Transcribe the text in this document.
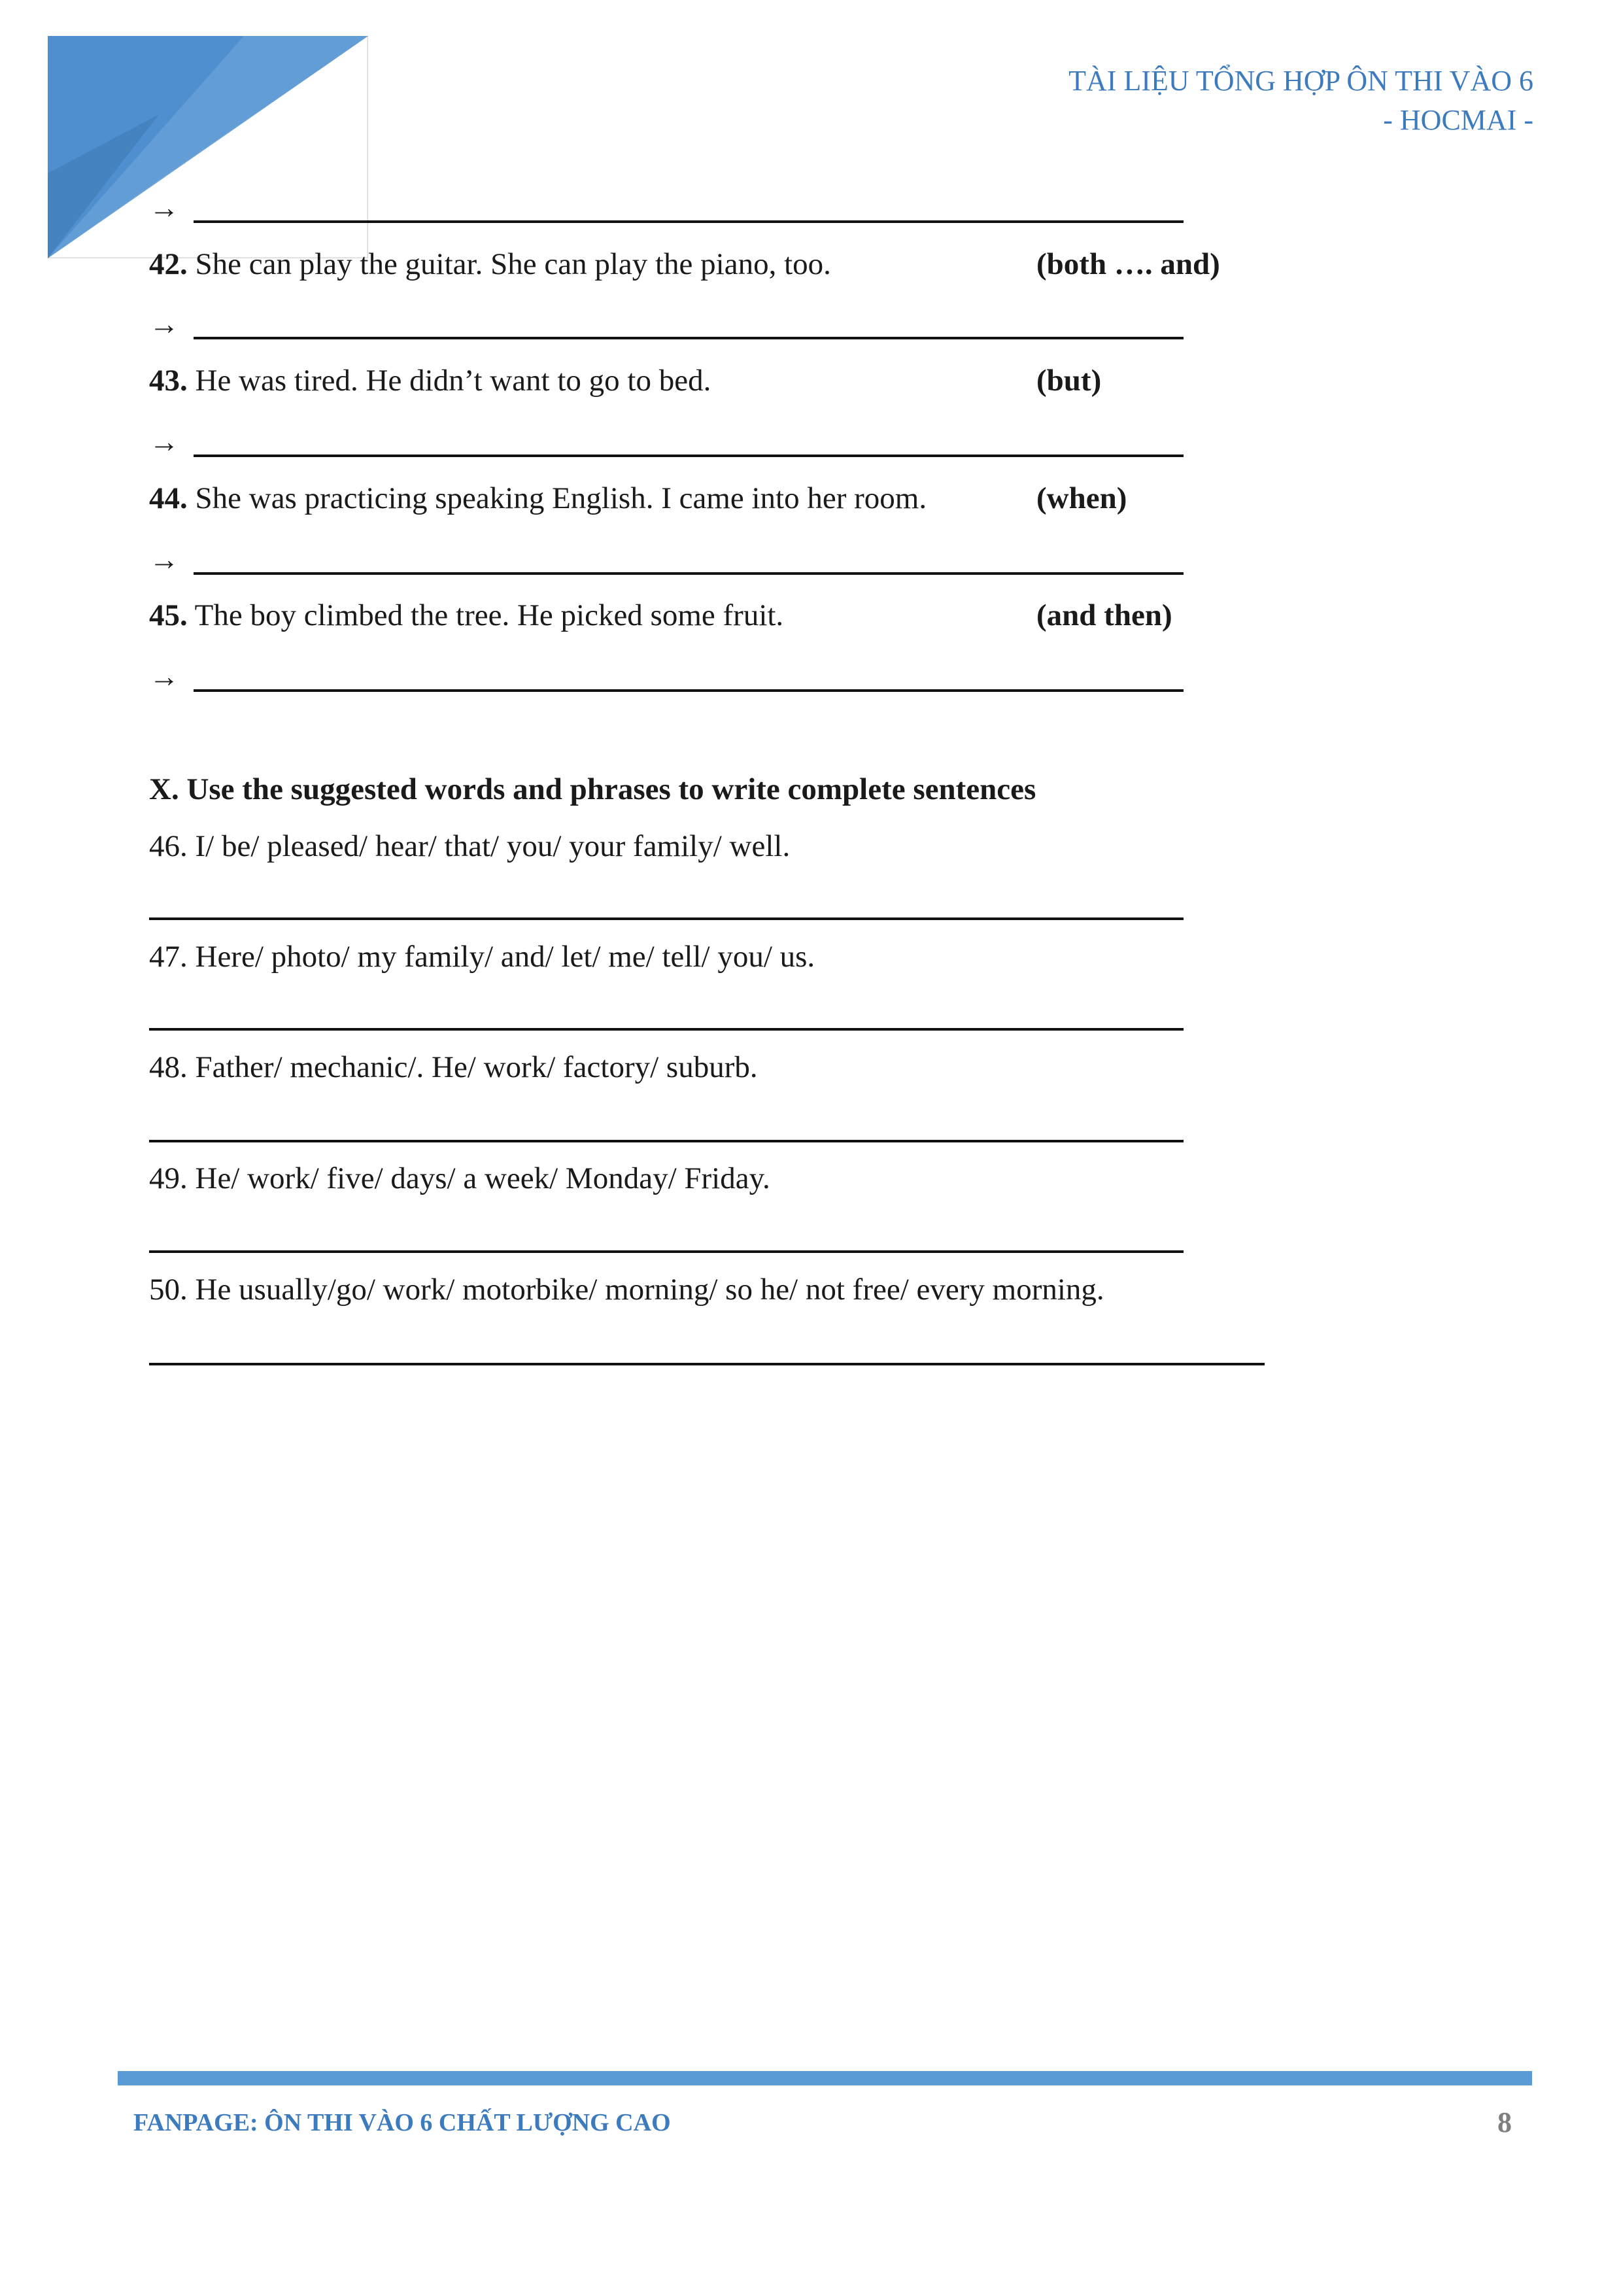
TÀI LIỆU TỔNG HỢP ÔN THI VÀO 6
- HOCMAI -
→
42. She can play the guitar. She can play the piano, too.	(both …. and)
→
43. He was tired. He didn’t want to go to bed.	(but)
→
44. She was practicing speaking English. I came into her room.	(when)
→
45. The boy climbed the tree. He picked some fruit.	(and then)
→
X. Use the suggested words and phrases to write complete sentences
46. I/ be/ pleased/ hear/ that/ you/ your family/ well.
47. Here/ photo/ my family/ and/ let/ me/ tell/ you/ us.
48. Father/ mechanic/. He/ work/ factory/ suburb.
49. He/ work/ five/ days/ a week/ Monday/ Friday.
50. He usually/go/ work/ motorbike/ morning/ so he/ not free/ every morning.
FANPAGE: ÔN THI VÀO 6 CHẤT LƯỢNG CAO	8
